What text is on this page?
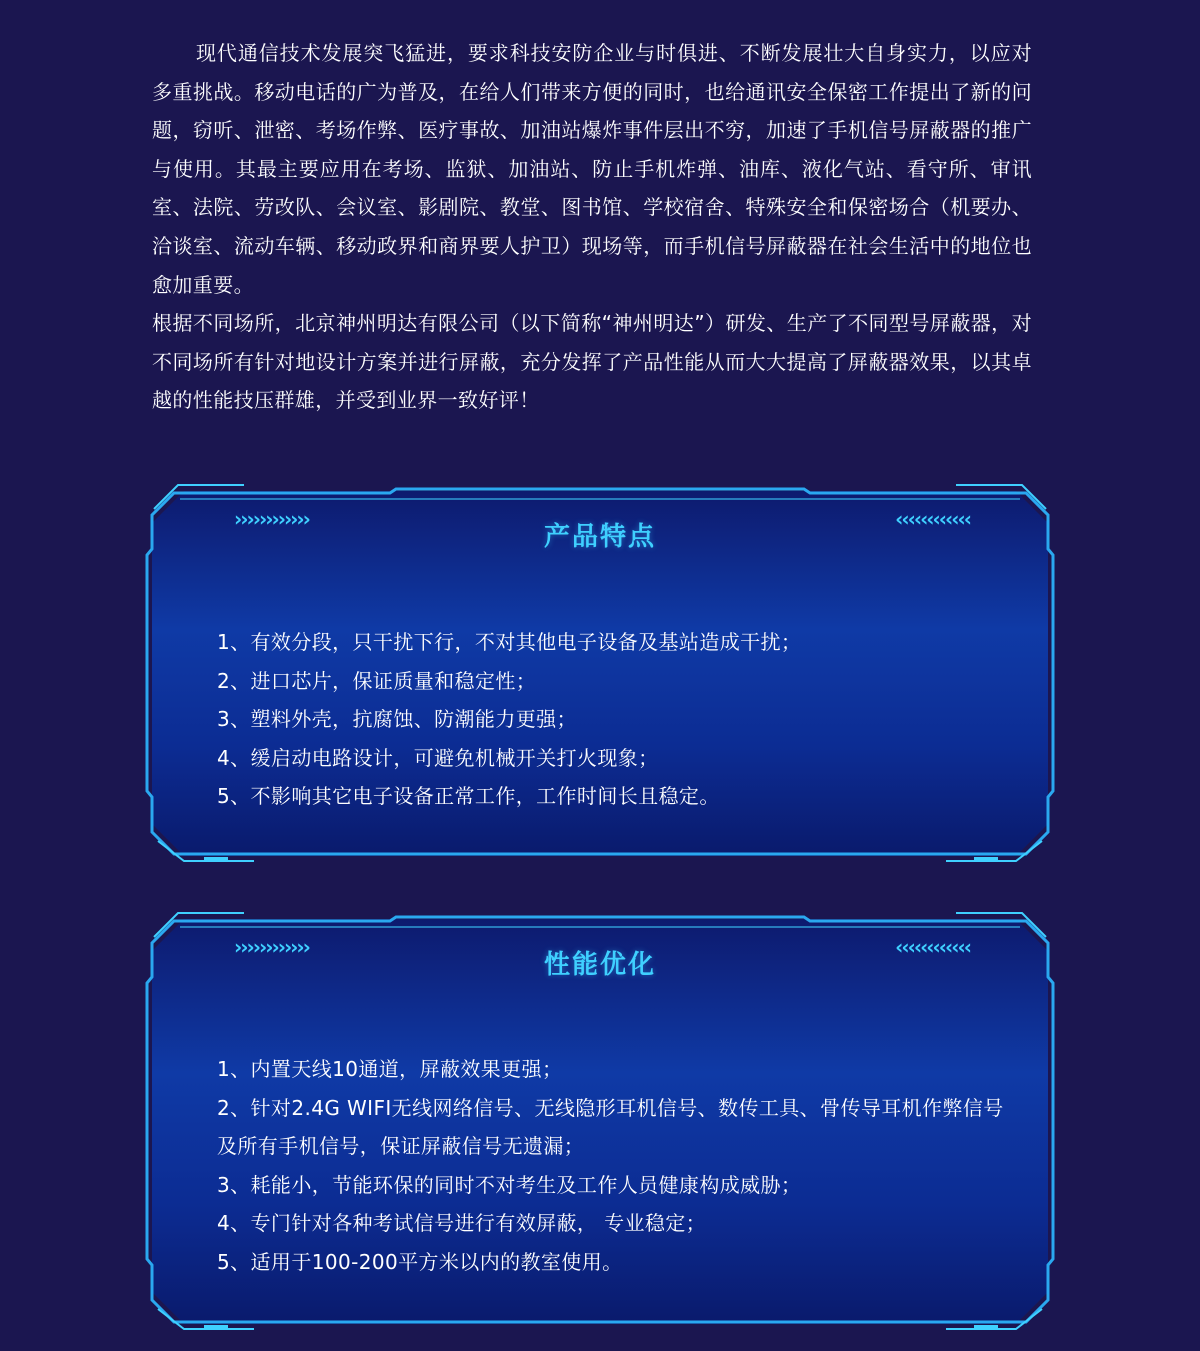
现代通信技术发展突飞猛进，要求科技安防企业与时俱进、不断发展壮大自身实力，以应对多重挑战。移动电话的广为普及，在给人们带来方便的同时，也给通讯安全保密工作提出了新的问题，窃听、泄密、考场作弊、医疗事故、加油站爆炸事件层出不穷，加速了手机信号屏蔽器的推广与使用。其最主要应用在考场、监狱、加油站、防止手机炸弹、油库、液化气站、看守所、审讯室、法院、劳改队、会议室、影剧院、教堂、图书馆、学校宿舍、特殊安全和保密场合（机要办、洽谈室、流动车辆、移动政界和商界要人护卫）现场等，而手机信号屏蔽器在社会生活中的地位也愈加重要。

根据不同场所，北京神州明达有限公司（以下简称“神州明达”）研发、生产了不同型号屏蔽器，对不同场所有针对地设计方案并进行屏蔽，充分发挥了产品性能从而大大提高了屏蔽器效果，以其卓越的性能技压群雄，并受到业界一致好评！

››››››››››››
产品特点
‹‹‹‹‹‹‹‹‹‹‹‹
1、有效分段，只干扰下行，不对其他电子设备及基站造成干扰；
2、进口芯片，保证质量和稳定性；
3、塑料外壳，抗腐蚀、防潮能力更强；
4、缓启动电路设计，可避免机械开关打火现象；
5、不影响其它电子设备正常工作，工作时间长且稳定。
››››››››››››
性能优化
‹‹‹‹‹‹‹‹‹‹‹‹
1、内置天线10通道，屏蔽效果更强；
2、针对2.4G WIFI无线网络信号、无线隐形耳机信号、数传工具、骨传导耳机作弊信号及所有手机信号，保证屏蔽信号无遗漏；
3、耗能小，节能环保的同时不对考生及工作人员健康构成威胁；
4、专门针对各种考试信号进行有效屏蔽， 专业稳定；
5、适用于100-200平方米以内的教室使用。
